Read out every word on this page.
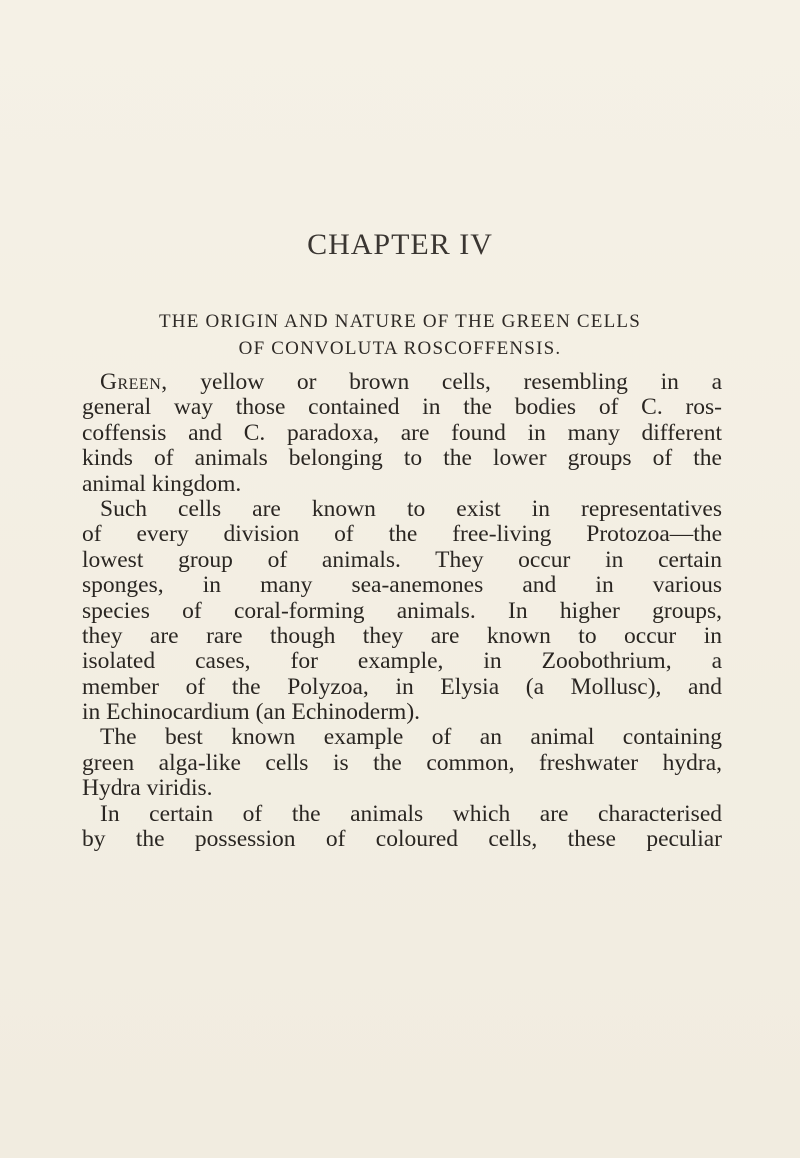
CHAPTER IV
THE ORIGIN AND NATURE OF THE GREEN CELLS
OF CONVOLUTA ROSCOFFENSIS.
Green, yellow or brown cells, resembling in a
general way those contained in the bodies of C. ros-
coffensis and C. paradoxa, are found in many different
kinds of animals belonging to the lower groups of the
animal kingdom.
Such cells are known to exist in representatives
of every division of the free-living Protozoa—the
lowest group of animals. They occur in certain
sponges, in many sea-anemones and in various
species of coral-forming animals. In higher groups,
they are rare though they are known to occur in
isolated cases, for example, in Zoobothrium, a
member of the Polyzoa, in Elysia (a Mollusc), and
in Echinocardium (an Echinoderm).
The best known example of an animal containing
green alga-like cells is the common, freshwater hydra,
Hydra viridis.
In certain of the animals which are characterised
by the possession of coloured cells, these peculiar
